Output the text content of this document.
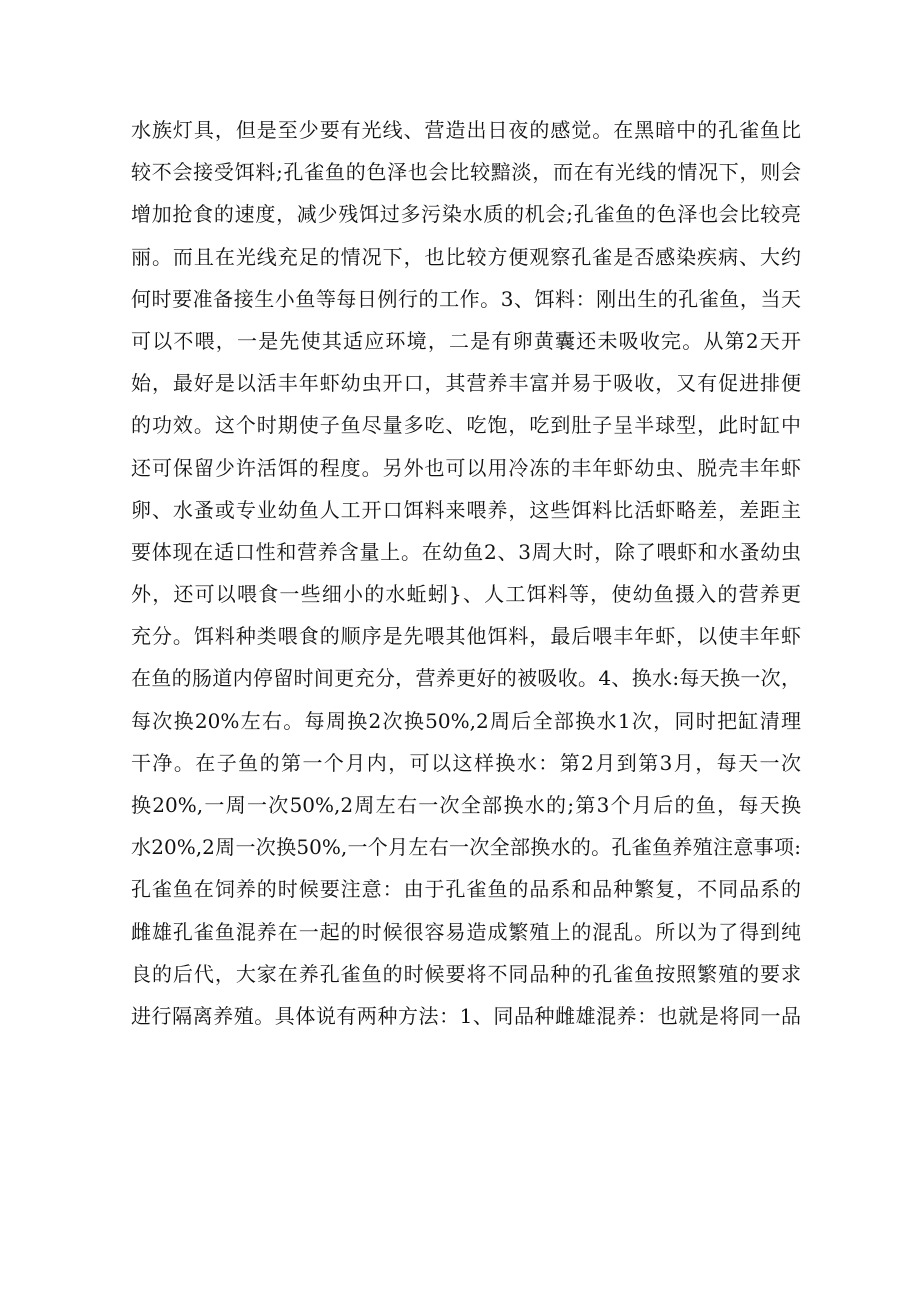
水族灯具，但是至少要有光线、营造出日夜的感觉。在黑暗中的孔雀鱼比
较不会接受饵料;孔雀鱼的色泽也会比较黯淡，而在有光线的情况下，则会
增加抢食的速度，减少残饵过多污染水质的机会;孔雀鱼的色泽也会比较亮
丽。而且在光线充足的情况下，也比较方便观察孔雀是否感染疾病、大约
何时要准备接生小鱼等每日例行的工作。3、饵料：刚出生的孔雀鱼，当天
可以不喂，一是先使其适应环境，二是有卵黄囊还未吸收完。从第2天开
始，最好是以活丰年虾幼虫开口，其营养丰富并易于吸收，又有促进排便
的功效。这个时期使子鱼尽量多吃、吃饱，吃到肚子呈半球型，此时缸中
还可保留少许活饵的程度。另外也可以用冷冻的丰年虾幼虫、脱壳丰年虾
卵、水蚤或专业幼鱼人工开口饵料来喂养，这些饵料比活虾略差，差距主
要体现在适口性和营养含量上。在幼鱼2、3周大时，除了喂虾和水蚤幼虫
外，还可以喂食一些细小的水蚯蚓}、人工饵料等，使幼鱼摄入的营养更
充分。饵料种类喂食的顺序是先喂其他饵料，最后喂丰年虾，以使丰年虾
在鱼的肠道内停留时间更充分，营养更好的被吸收。4、换水:每天换一次，
每次换20%左右。每周换2次换50%,2周后全部换水1次，同时把缸清理
干净。在子鱼的第一个月内，可以这样换水：第2月到第3月，每天一次
换20%,一周一次50%,2周左右一次全部换水的;第3个月后的鱼，每天换
水20%,2周一次换50%,一个月左右一次全部换水的。孔雀鱼养殖注意事项:
孔雀鱼在饲养的时候要注意：由于孔雀鱼的品系和品种繁复，不同品系的
雌雄孔雀鱼混养在一起的时候很容易造成繁殖上的混乱。所以为了得到纯
良的后代，大家在养孔雀鱼的时候要将不同品种的孔雀鱼按照繁殖的要求
进行隔离养殖。具体说有两种方法：1、同品种雌雄混养：也就是将同一品
